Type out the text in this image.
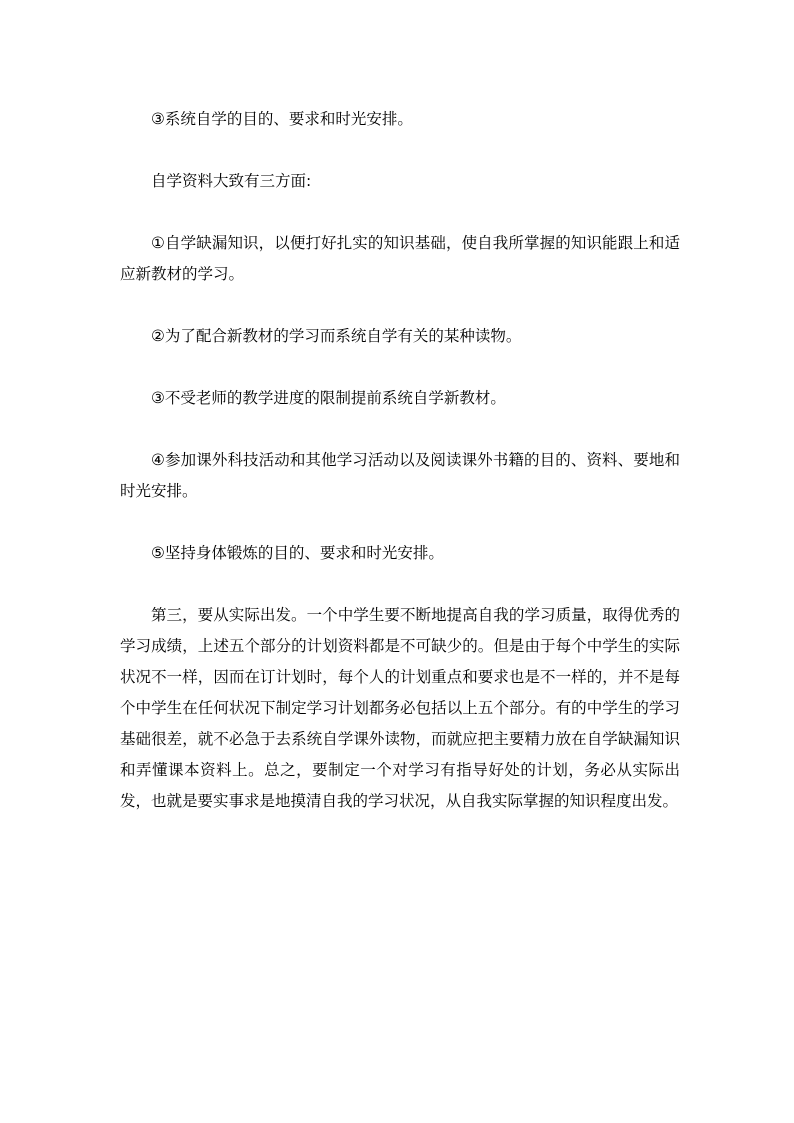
③系统自学的目的、要求和时光安排。

自学资料大致有三方面:

①自学缺漏知识，以便打好扎实的知识基础，使自我所掌握的知识能跟上和适应新教材的学习。

②为了配合新教材的学习而系统自学有关的某种读物。

③不受老师的教学进度的限制提前系统自学新教材。

④参加课外科技活动和其他学习活动以及阅读课外书籍的目的、资料、要地和时光安排。

⑤坚持身体锻炼的目的、要求和时光安排。

第三，要从实际出发。一个中学生要不断地提高自我的学习质量，取得优秀的学习成绩，上述五个部分的计划资料都是不可缺少的。但是由于每个中学生的实际状况不一样，因而在订计划时，每个人的计划重点和要求也是不一样的，并不是每个中学生在任何状况下制定学习计划都务必包括以上五个部分。有的中学生的学习基础很差，就不必急于去系统自学课外读物，而就应把主要精力放在自学缺漏知识和弄懂课本资料上。总之，要制定一个对学习有指导好处的计划，务必从实际出发，也就是要实事求是地摸清自我的学习状况，从自我实际掌握的知识程度出发。
